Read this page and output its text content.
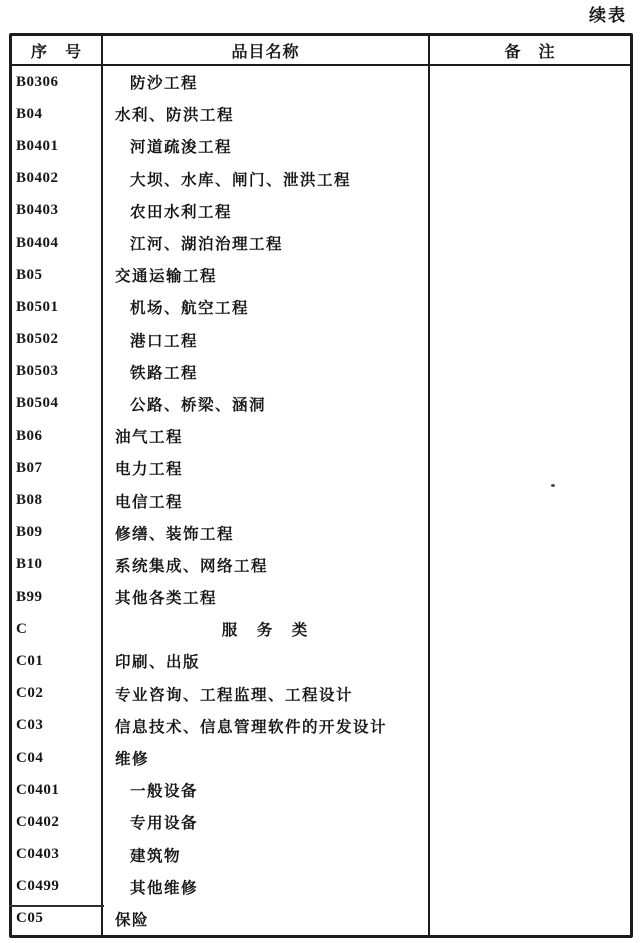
续表
序　号	品目名称	备　注
B0306	防沙工程
B04	水利、防洪工程
B0401	河道疏浚工程
B0402	大坝、水库、闸门、泄洪工程
B0403	农田水利工程
B0404	江河、湖泊治理工程
B05	交通运输工程
B0501	机场、航空工程
B0502	港口工程
B0503	铁路工程
B0504	公路、桥梁、涵洞
B06	油气工程
B07	电力工程
B08	电信工程
B09	修缮、装饰工程
B10	系统集成、网络工程
B99	其他各类工程
C	服　务　类
C01	印刷、出版
C02	专业咨询、工程监理、工程设计
C03	信息技术、信息管理软件的开发设计
C04	维修
C0401	一般设备
C0402	专用设备
C0403	建筑物
C0499	其他维修
C05	保险
